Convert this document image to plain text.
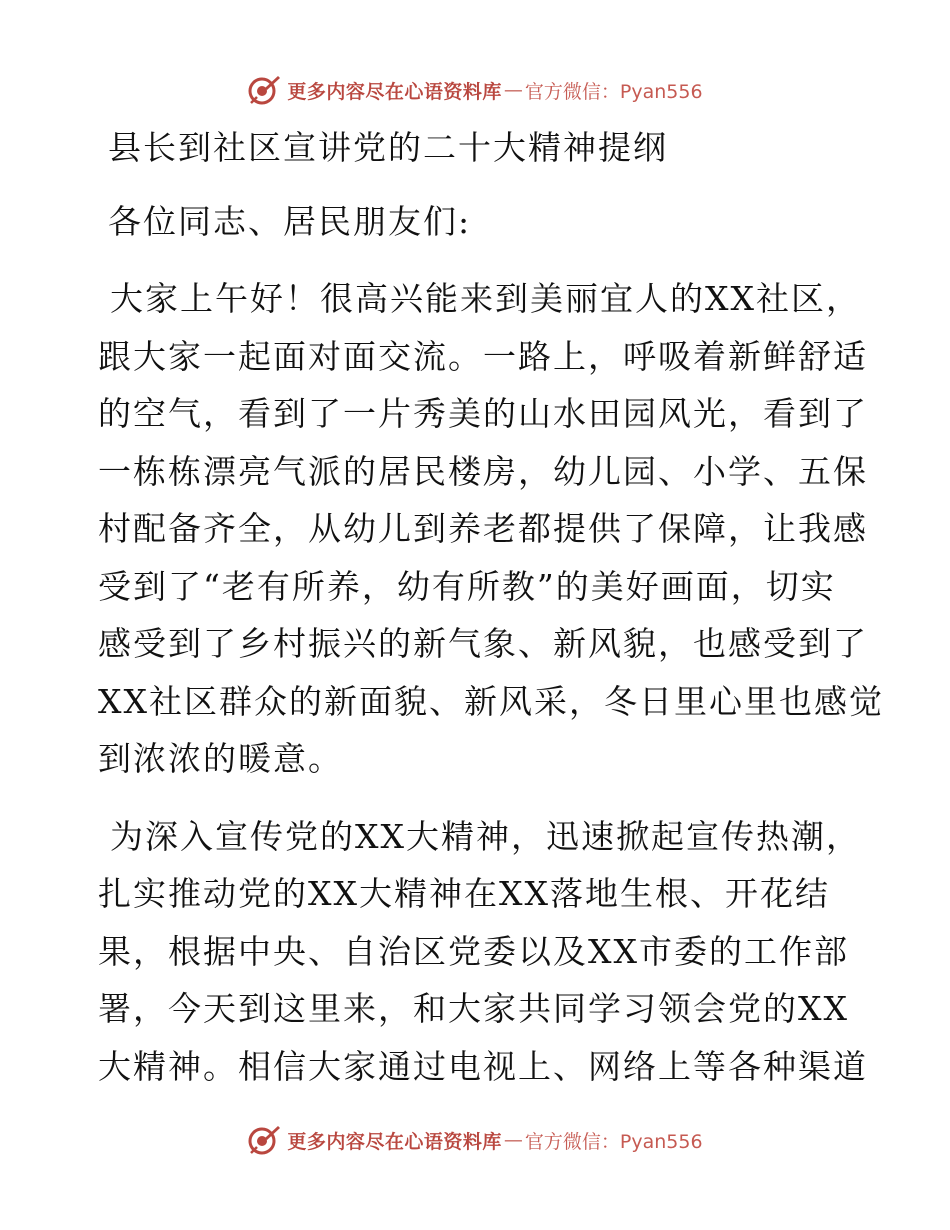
更多内容尽在心语资料库 — 官方微信：Pyan556
县长到社区宣讲党的二十大精神提纲
各位同志、居民朋友们:
大家上午好！很高兴能来到美丽宜人的XX社区，
跟大家一起面对面交流。一路上，呼吸着新鲜舒适
的空气，看到了一片秀美的山水田园风光，看到了
一栋栋漂亮气派的居民楼房，幼儿园、小学、五保
村配备齐全，从幼儿到养老都提供了保障，让我感
受到了“老有所养，幼有所教”的美好画面，切实
感受到了乡村振兴的新气象、新风貌，也感受到了
XX社区群众的新面貌、新风采，冬日里心里也感觉
到浓浓的暖意。
为深入宣传党的XX大精神，迅速掀起宣传热潮，
扎实推动党的XX大精神在XX落地生根、开花结
果，根据中央、自治区党委以及XX市委的工作部
署，今天到这里来，和大家共同学习领会党的XX
大精神。相信大家通过电视上、网络上等各种渠道
更多内容尽在心语资料库 — 官方微信：Pyan556
